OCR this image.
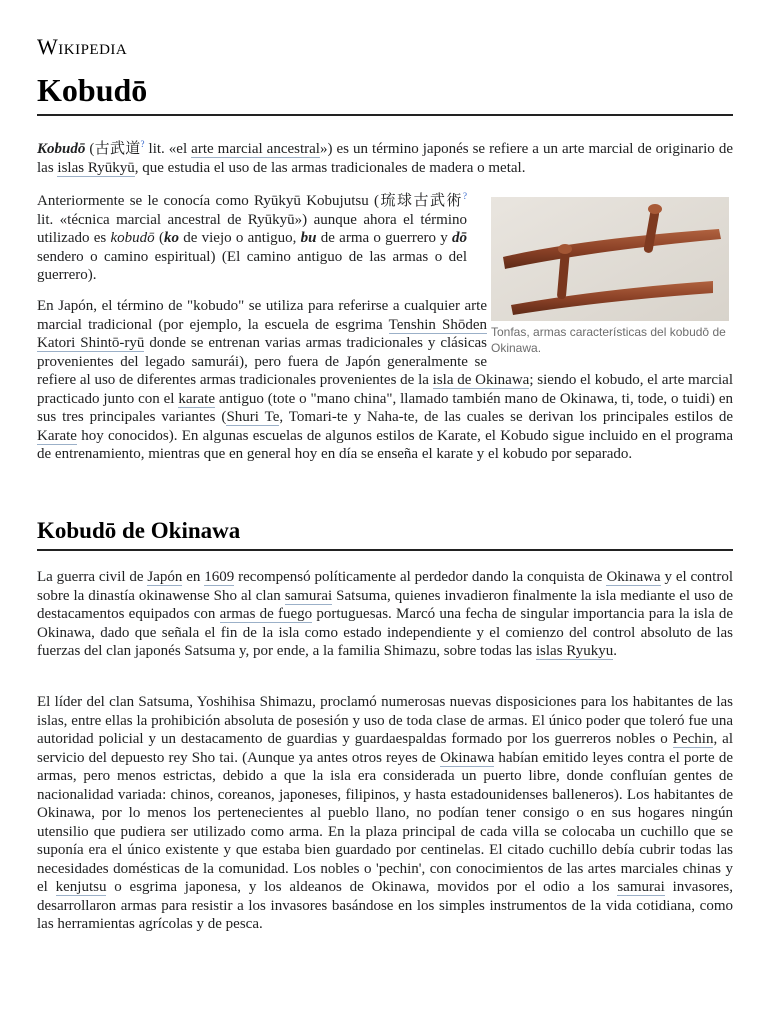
Wikipedia
Kobudō

Kobudō (古武道? lit. «el arte marcial ancestral») es un término japonés se refiere a un arte marcial de originario de las islas Ryūkyū, que estudia el uso de las armas tradicionales de madera o metal.

Tonfas, armas características del kobudō de Okinawa.

Anteriormente se le conocía como Ryūkyū Kobujutsu (琉球古武術? lit. «técnica marcial ancestral de Ryūkyū») aunque ahora el término utilizado es kobudō (ko de viejo o antiguo, bu de arma o guerrero y dō sendero o camino espiritual) (El camino antiguo de las armas o del guerrero).

En Japón, el término de "kobudo" se utiliza para referirse a cualquier arte marcial tradicional (por ejemplo, la escuela de esgrima Tenshin Shōden Katori Shintō-ryū donde se entrenan varias armas tradicionales y clásicas provenientes del legado samurái), pero fuera de Japón generalmente se refiere al uso de diferentes armas tradicionales provenientes de la isla de Okinawa; siendo el kobudo, el arte marcial practicado junto con el karate antiguo (tote o "mano china", llamado también mano de Okinawa, ti, tode, o tuidi) en sus tres principales variantes (Shuri Te, Tomari-te y Naha-te, de las cuales se derivan los principales estilos de Karate hoy conocidos). En algunas escuelas de algunos estilos de Karate, el Kobudo sigue incluido en el programa de entrenamiento, mientras que en general hoy en día se enseña el karate y el kobudo por separado.

Kobudō de Okinawa

La guerra civil de Japón en 1609 recompensó políticamente al perdedor dando la conquista de Okinawa y el control sobre la dinastía okinawense Sho al clan samurai Satsuma, quienes invadieron finalmente la isla mediante el uso de destacamentos equipados con armas de fuego portuguesas. Marcó una fecha de singular importancia para la isla de Okinawa, dado que señala el fin de la isla como estado independiente y el comienzo del control absoluto de las fuerzas del clan japonés Satsuma y, por ende, a la familia Shimazu, sobre todas las islas Ryukyu.

El líder del clan Satsuma, Yoshihisa Shimazu, proclamó numerosas nuevas disposiciones para los habitantes de las islas, entre ellas la prohibición absoluta de posesión y uso de toda clase de armas. El único poder que toleró fue una autoridad policial y un destacamento de guardias y guardaespaldas formado por los guerreros nobles o Pechin, al servicio del depuesto rey Sho tai. (Aunque ya antes otros reyes de Okinawa habían emitido leyes contra el porte de armas, pero menos estrictas, debido a que la isla era considerada un puerto libre, donde confluían gentes de nacionalidad variada: chinos, coreanos, japoneses, filipinos, y hasta estadounidenses balleneros). Los habitantes de Okinawa, por lo menos los pertenecientes al pueblo llano, no podían tener consigo o en sus hogares ningún utensilio que pudiera ser utilizado como arma. En la plaza principal de cada villa se colocaba un cuchillo que se suponía era el único existente y que estaba bien guardado por centinelas. El citado cuchillo debía cubrir todas las necesidades domésticas de la comunidad. Los nobles o 'pechin', con conocimientos de las artes marciales chinas y el kenjutsu o esgrima japonesa, y los aldeanos de Okinawa, movidos por el odio a los samurai invasores, desarrollaron armas para resistir a los invasores basándose en los simples instrumentos de la vida cotidiana, como las herramientas agrícolas y de pesca.
